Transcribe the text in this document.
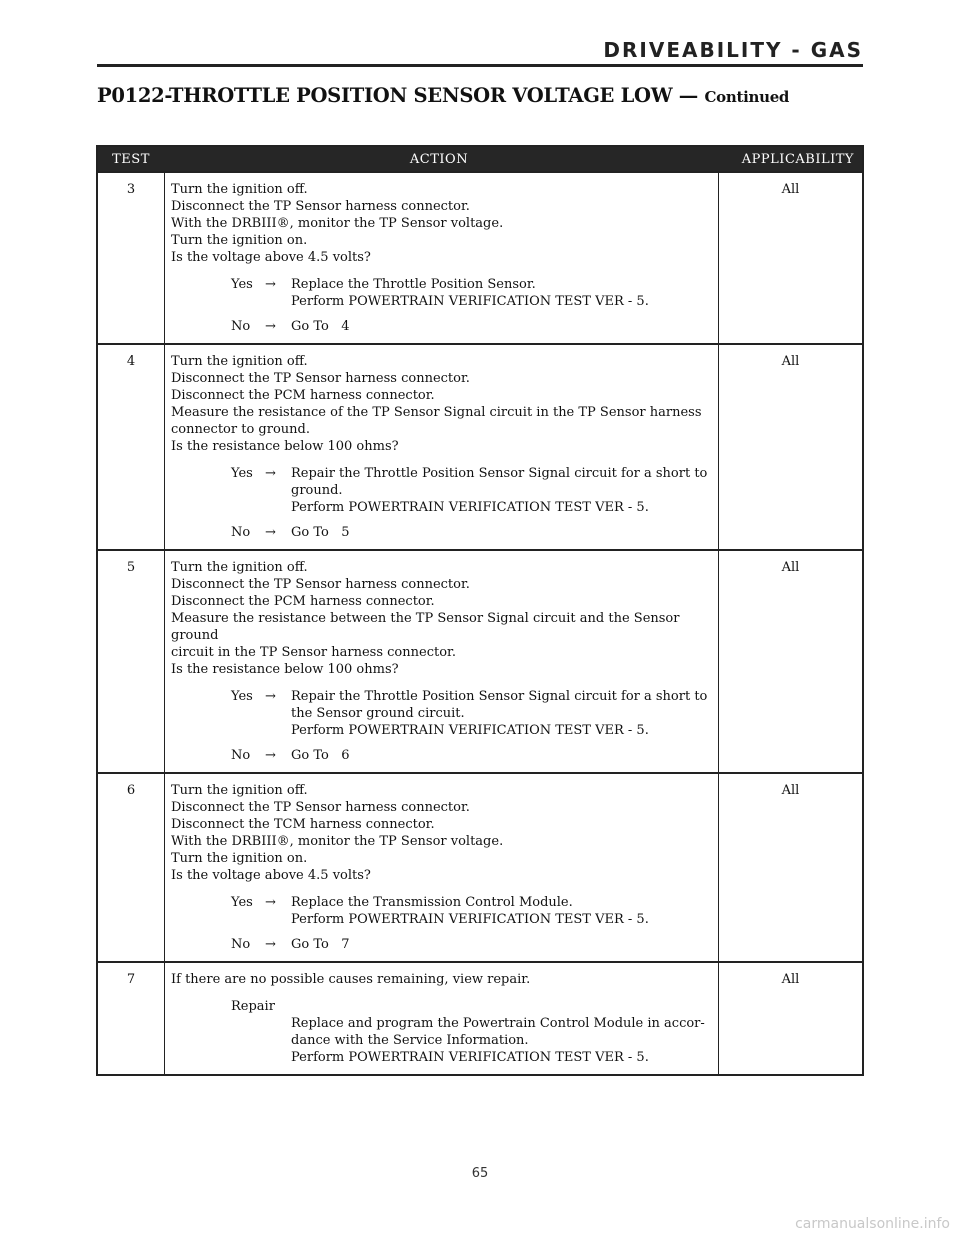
DRIVEABILITY - GAS
P0122-THROTTLE POSITION SENSOR VOLTAGE LOW — Continued
TEST	ACTION	APPLICABILITY
3	Turn the ignition off.
Disconnect the TP Sensor harness connector.
With the DRBIII®, monitor the TP Sensor voltage.
Turn the ignition on.
Is the voltage above 4.5 volts?
Yes →	Replace the Throttle Position Sensor.
Perform POWERTRAIN VERIFICATION TEST VER - 5.
No	→	Go To   4
All
4	Turn the ignition off.
Disconnect the TP Sensor harness connector.
Disconnect the PCM harness connector.
Measure the resistance of the TP Sensor Signal circuit in the TP Sensor harness
connector to ground.
Is the resistance below 100 ohms?
Yes →	Repair the Throttle Position Sensor Signal circuit for a short to
ground.
Perform POWERTRAIN VERIFICATION TEST VER - 5.
No	→	Go To   5
All
5	Turn the ignition off.
Disconnect the TP Sensor harness connector.
Disconnect the PCM harness connector.
Measure the resistance between the TP Sensor Signal circuit and the Sensor ground
circuit in the TP Sensor harness connector.
Is the resistance below 100 ohms?
Yes →	Repair the Throttle Position Sensor Signal circuit for a short to
the Sensor ground circuit.
Perform POWERTRAIN VERIFICATION TEST VER - 5.
No	→	Go To   6
All
6	Turn the ignition off.
Disconnect the TP Sensor harness connector.
Disconnect the TCM harness connector.
With the DRBIII®, monitor the TP Sensor voltage.
Turn the ignition on.
Is the voltage above 4.5 volts?
Yes →	Replace the Transmission Control Module.
Perform POWERTRAIN VERIFICATION TEST VER - 5.
No	→	Go To   7
All
7	If there are no possible causes remaining, view repair.
Repair
Replace and program the Powertrain Control Module in accor-
dance with the Service Information.
Perform POWERTRAIN VERIFICATION TEST VER - 5.
All
65
carmanualsonline.info
